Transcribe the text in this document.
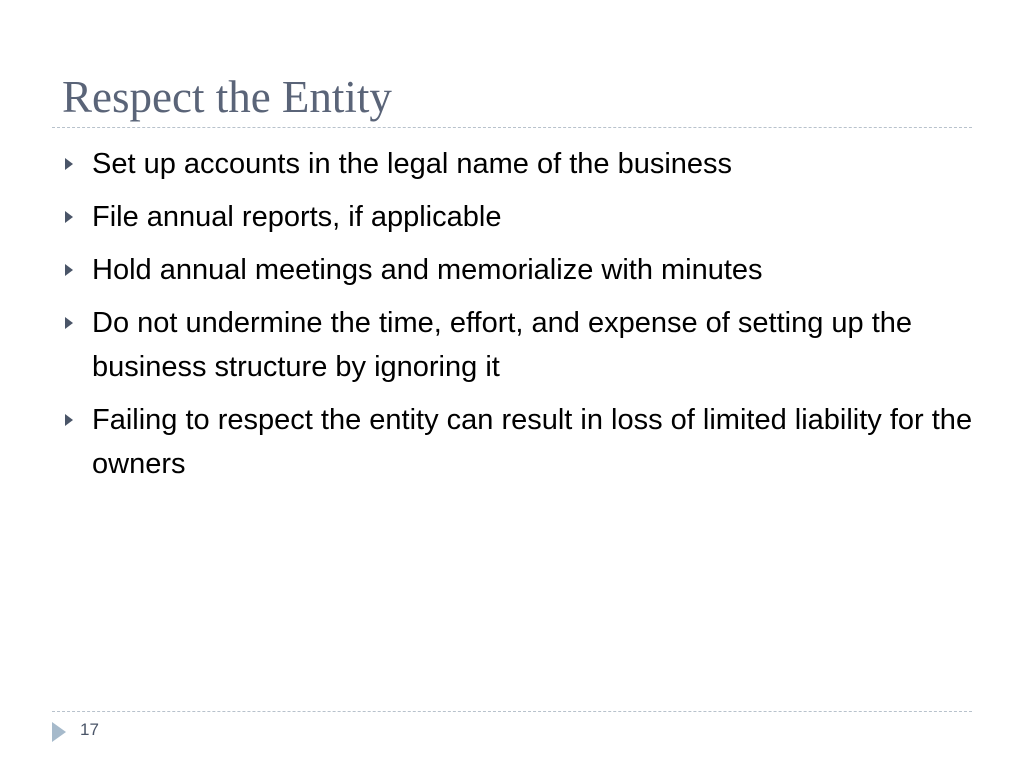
Respect the Entity
Set up accounts in the legal name of the business
File annual reports, if applicable
Hold annual meetings and memorialize with minutes
Do not undermine the time, effort, and expense of setting up the business structure by ignoring it
Failing to respect the entity can result in loss of limited liability for the owners
17
